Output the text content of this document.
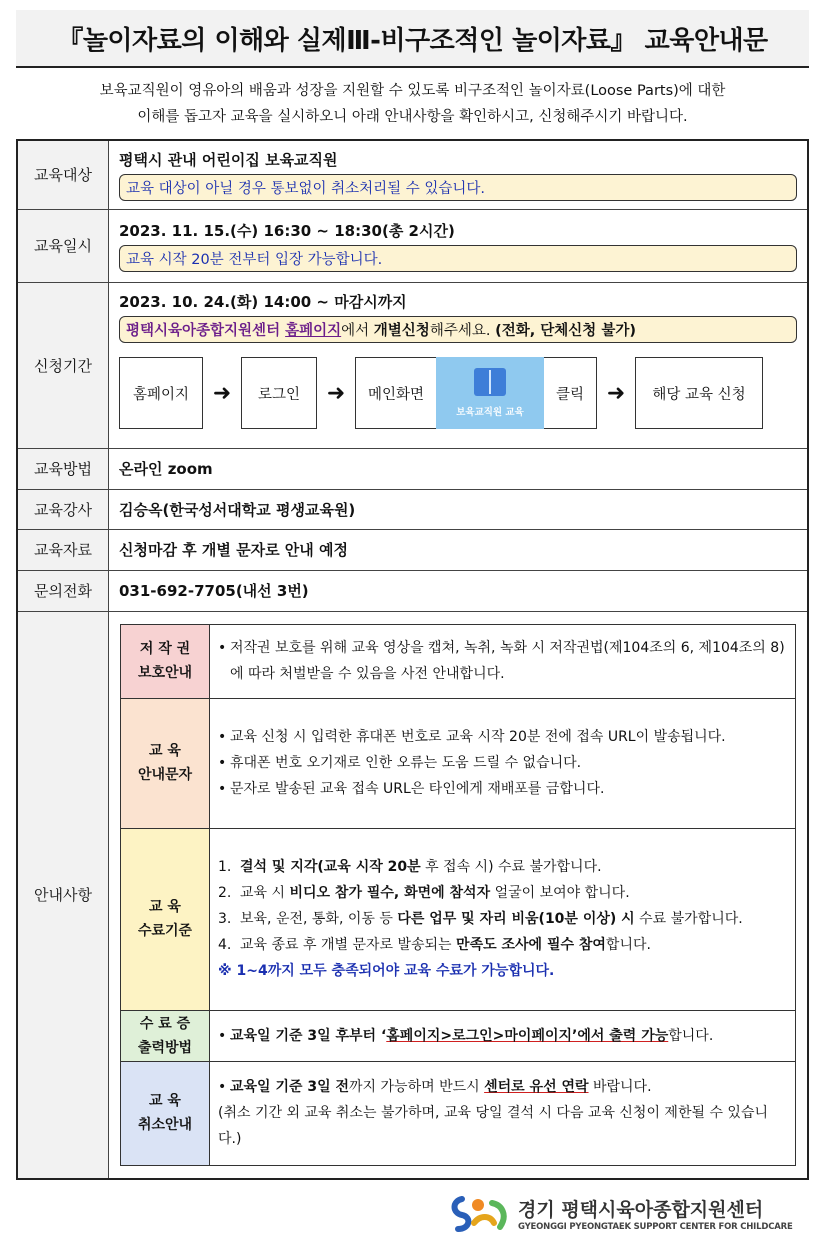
『놀이자료의 이해와 실제Ⅲ-비구조적인 놀이자료』 교육안내문
보육교직원이 영유아의 배움과 성장을 지원할 수 있도록 비구조적인 놀이자료(Loose Parts)에 대한
이해를 돕고자 교육을 실시하오니 아래 안내사항을 확인하시고, 신청해주시기 바랍니다.
교육대상	
평택시 관내 어린이집 보육교직원
교육 대상이 아닐 경우 통보없이 취소처리될 수 있습니다.

교육일시	
2023. 11. 15.(수) 16:30 ~ 18:30(총 2시간)
교육 시작 20분 전부터 입장 가능합니다.

신청기간	
2023. 10. 24.(화) 14:00 ~ 마감시까지
평택시육아종합지원센터 홈페이지에서 개별신청해주세요. (전화, 단체신청 불가)
홈페이지	➜	로그인	➜	메인화면
보육교직원 교육
클릭	➜	해당 교육 신청

교육방법	온라인 zoom
교육강사	김승옥(한국성서대학교 평생교육원)
교육자료	신청마감 후 개별 문자로 안내 예정
문의전화	031-692-7705(내선 3번)
안내사항	
저 작 권
보호안내

• 저작권 보호를 위해 교육 영상을 캡쳐, 녹취, 녹화 시 저작권법(제104조의 6, 제104조의 8)에 따라 처벌받을 수 있음을 사전 안내합니다.

교 육
안내문자

• 교육 신청 시 입력한 휴대폰 번호로 교육 시작 20분 전에 접속 URL이 발송됩니다.
• 휴대폰 번호 오기재로 인한 오류는 도움 드릴 수 없습니다.
• 문자로 발송된 교육 접속 URL은 타인에게 재배포를 금합니다.

교 육
수료기준

1. 결석 및 지각(교육 시작 20분 후 접속 시) 수료 불가합니다.
2. 교육 시 비디오 참가 필수, 화면에 참석자 얼굴이 보여야 합니다.
3. 보육, 운전, 통화, 이동 등 다른 업무 및 자리 비움(10분 이상) 시 수료 불가합니다.
4. 교육 종료 후 개별 문자로 발송되는 만족도 조사에 필수 참여합니다.
※ 1~4까지 모두 충족되어야 교육 수료가 가능합니다.

수 료 증
출력방법

• 교육일 기준 3일 후부터 ‘홈페이지>로그인>마이페이지’에서 출력 가능합니다.

교 육
취소안내

• 교육일 기준 3일 전까지 가능하며 반드시 센터로 유선 연락 바랍니다.
(취소 기간 외 교육 취소는 불가하며, 교육 당일 결석 시 다음 교육 신청이 제한될 수 있습니다.)
경기 평택시육아종합지원센터
GYEONGGI PYEONGTAEK SUPPORT CENTER FOR CHILDCARE
